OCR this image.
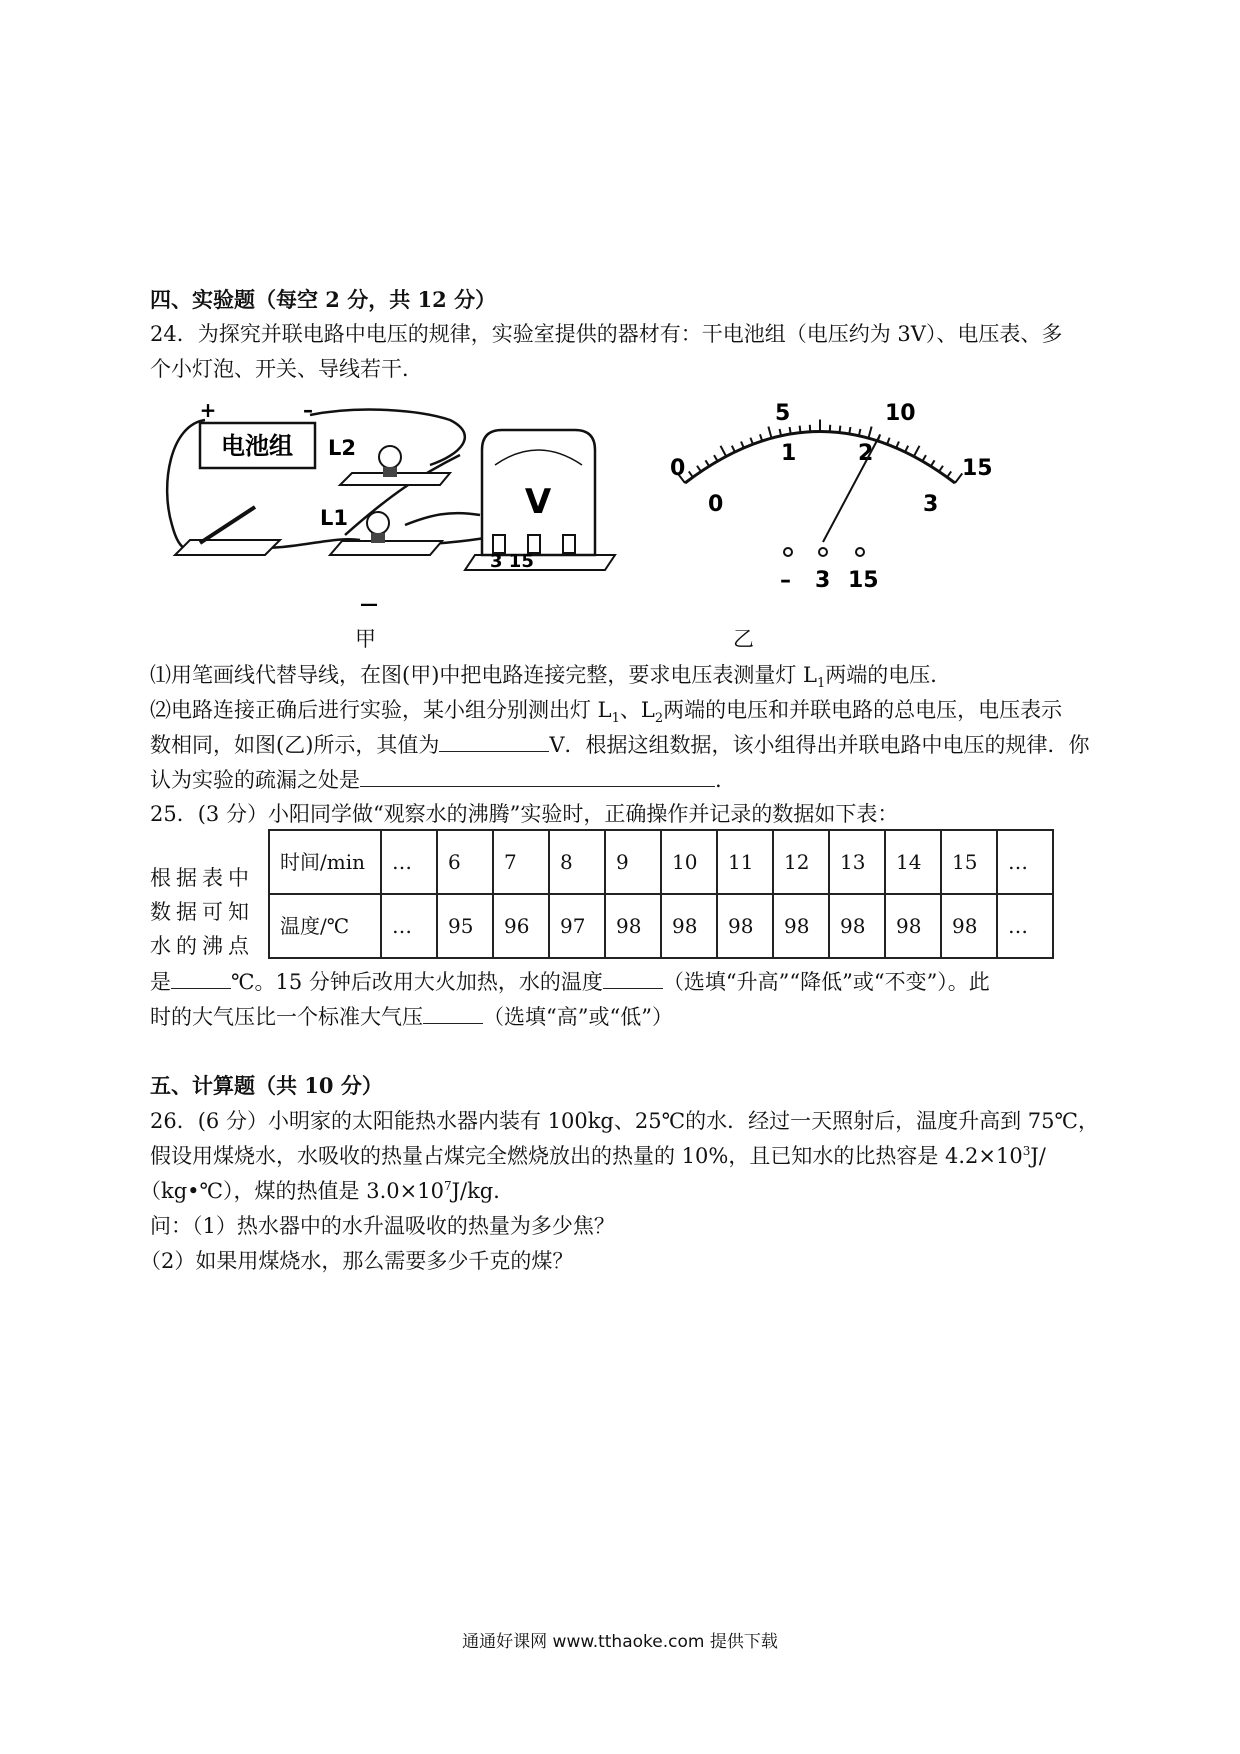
四、实验题（每空 2 分，共 12 分）
24．为探究并联电路中电压的规律，实验室提供的器材有：干电池组（电压约为 3V）、电压表、多
个小灯泡、开关、导线若干．
电池组
+	–
L2
L1	V
3 15
—
0
5	10
15
0
1	2
3
– 3 15
甲	乙
⑴用笔画线代替导线，在图(甲)中把电路连接完整，要求电压表测量灯 $L_1$两端的电压．
⑵电路连接正确后进行实验，某小组分别测出灯 $L_1$、$L_2$两端的电压和并联电路的总电压，电压表示
数相同，如图(乙)所示，其值为	V．根据这组数据，该小组得出并联电路中电压的规律．你
认为实验的疏漏之处是	.
25．(3 分）小阳同学做“观察水的沸腾”实验时，正确操作并记录的数据如下表：
根据表中
数据可知
水的沸点
时间/min	…	6	7	8	9	10	11	12	13	14	15	…
温度/℃	…	95	96	97	98	98	98	98	98	98	98	…
是	℃。15 分钟后改用大火加热，水的温度	（选填“升高”“降低”或“不变”）。此
时的大气压比一个标准大气压	（选填“高”或“低”）
五、计算题（共 10 分）
26．(6 分）小明家的太阳能热水器内装有 100kg、25℃的水．经过一天照射后，温度升高到 75℃，
假设用煤烧水，水吸收的热量占煤完全燃烧放出的热量的 10%，且已知水的比热容是 $4.2\times 10^3J/$
（kg•℃），煤的热值是 $3.0\times 10^7J/kg$．
问：（1）热水器中的水升温吸收的热量为多少焦？
（2）如果用煤烧水，那么需要多少千克的煤？
通通好课网 www.tthaoke.com 提供下载
